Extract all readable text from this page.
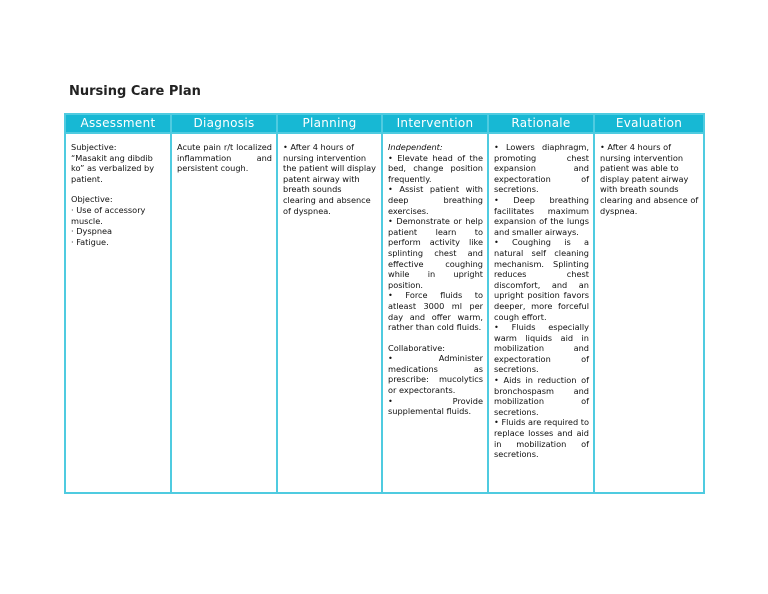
Nursing Care Plan
Assessment

Subjective:

“Masakit ang dibdib ko” as verbalized by patient.

Objective:

· Use of accessory muscle.

· Dyspnea

· Fatigue.

Diagnosis

Acute pain r/t localized inflammation and persistent cough.

Planning

• After 4 hours of nursing intervention the patient will display patent airway with breath sounds clearing and absence of dyspnea.

Intervention

Independent:

• Elevate head of the bed, change position frequently.

• Assist patient with deep breathing exercises.

• Demonstrate or help patient learn to perform activity like splinting chest and effective coughing while in upright position.

• Force fluids to atleast 3000 ml per day and offer warm, rather than cold fluids.

Collaborative:

• Administer medications as prescribe: mucolytics or expectorants.

• Provide supplemental fluids.

Rationale

• Lowers diaphragm, promoting chest expansion and expectoration of secretions.

• Deep breathing facilitates maximum expansion of the lungs and smaller airways.

• Coughing is a natural self cleaning mechanism. Splinting reduces chest discomfort, and an upright position favors deeper, more forceful cough effort.

• Fluids especially warm liquids aid in mobilization and expectoration of secretions.

• Aids in reduction of bronchospasm and mobilization of secretions.

• Fluids are required to replace losses and aid in mobilization of secretions.

Evaluation

• After 4 hours of nursing intervention patient was able to display patent airway with breath sounds clearing and absence of dyspnea.
